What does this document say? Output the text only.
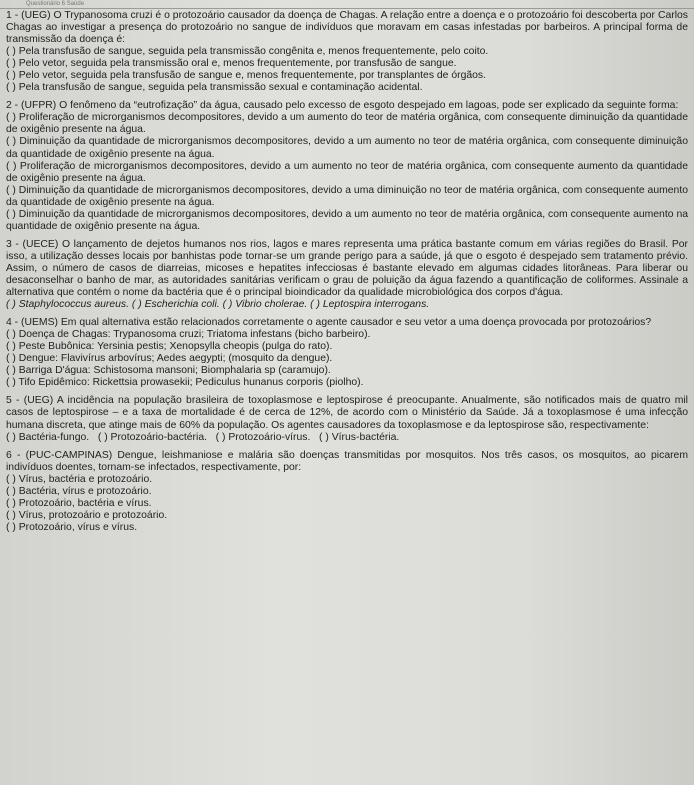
Questionário 6 Saúde

1 - (UEG) O Trypanosoma cruzi é o protozoário causador da doença de Chagas. A relação entre a doença e o protozoário foi descoberta por Carlos Chagas ao investigar a presença do protozoário no sangue de indivíduos que moravam em casas infestadas por barbeiros. A principal forma de transmissão da doença é:

( ) Pela transfusão de sangue, seguida pela transmissão congênita e, menos frequentemente, pelo coito.

( ) Pelo vetor, seguida pela transmissão oral e, menos frequentemente, por transfusão de sangue.

( ) Pelo vetor, seguida pela transfusão de sangue e, menos frequentemente, por transplantes de órgãos.

( ) Pela transfusão de sangue, seguida pela transmissão sexual e contaminação acidental.

2 - (UFPR) O fenômeno da “eutrofização” da água, causado pelo excesso de esgoto despejado em lagoas, pode ser explicado da seguinte forma:

( ) Proliferação de microrganismos decompositores, devido a um aumento do teor de matéria orgânica, com consequente diminuição da quantidade de oxigênio presente na água.

( ) Diminuição da quantidade de microrganismos decompositores, devido a um aumento no teor de matéria orgânica, com consequente diminuição da quantidade de oxigênio presente na água.

( ) Proliferação de microrganismos decompositores, devido a um aumento no teor de matéria orgânica, com consequente aumento da quantidade de oxigênio presente na água.

( ) Diminuição da quantidade de microrganismos decompositores, devido a uma diminuição no teor de matéria orgânica, com consequente aumento da quantidade de oxigênio presente na água.

( ) Diminuição da quantidade de microrganismos decompositores, devido a um aumento no teor de matéria orgânica, com consequente aumento na quantidade de oxigênio presente na água.

3 - (UECE) O lançamento de dejetos humanos nos rios, lagos e mares representa uma prática bastante comum em várias regiões do Brasil. Por isso, a utilização desses locais por banhistas pode tornar-se um grande perigo para a saúde, já que o esgoto é despejado sem tratamento prévio. Assim, o número de casos de diarreias, micoses e hepatites infecciosas é bastante elevado em algumas cidades litorâneas. Para liberar ou desaconselhar o banho de mar, as autoridades sanitárias verificam o grau de poluição da água fazendo a quantificação de coliformes. Assinale a alternativa que contém o nome da bactéria que é o principal bioindicador da qualidade microbiológica dos corpos d'água.

( ) Staphylococcus aureus. ( ) Escherichia coli. ( ) Vibrio cholerae. ( ) Leptospira interrogans.

4 - (UEMS) Em qual alternativa estão relacionados corretamente o agente causador e seu vetor a uma doença provocada por protozoários?

( ) Doença de Chagas: Trypanosoma cruzi; Triatoma infestans (bicho barbeiro).

( ) Peste Bubônica: Yersinia pestis; Xenopsylla cheopis (pulga do rato).

( ) Dengue: Flavivírus arbovírus; Aedes aegypti; (mosquito da dengue).

( ) Barriga D'água: Schistosoma mansoni; Biomphalaria sp (caramujo).

( ) Tifo Epidêmico: Rickettsia prowasekii; Pediculus hunanus corporis (piolho).

5 - (UEG) A incidência na população brasileira de toxoplasmose e leptospirose é preocupante. Anualmente, são notificados mais de quatro mil casos de leptospirose – e a taxa de mortalidade é de cerca de 12%, de acordo com o Ministério da Saúde. Já a toxoplasmose é uma infecção humana discreta, que atinge mais de 60% da população. Os agentes causadores da toxoplasmose e da leptospirose são, respectivamente:

( ) Bactéria-fungo. ( ) Protozoário-bactéria. ( ) Protozoário-vírus. ( ) Vírus-bactéria.

6 - (PUC-CAMPINAS) Dengue, leishmaniose e malária são doenças transmitidas por mosquitos. Nos três casos, os mosquitos, ao picarem indivíduos doentes, tornam-se infectados, respectivamente, por:

( ) Vírus, bactéria e protozoário.

( ) Bactéria, vírus e protozoário.

( ) Protozoário, bactéria e vírus.

( ) Vírus, protozoário e protozoário.

( ) Protozoário, vírus e vírus.
